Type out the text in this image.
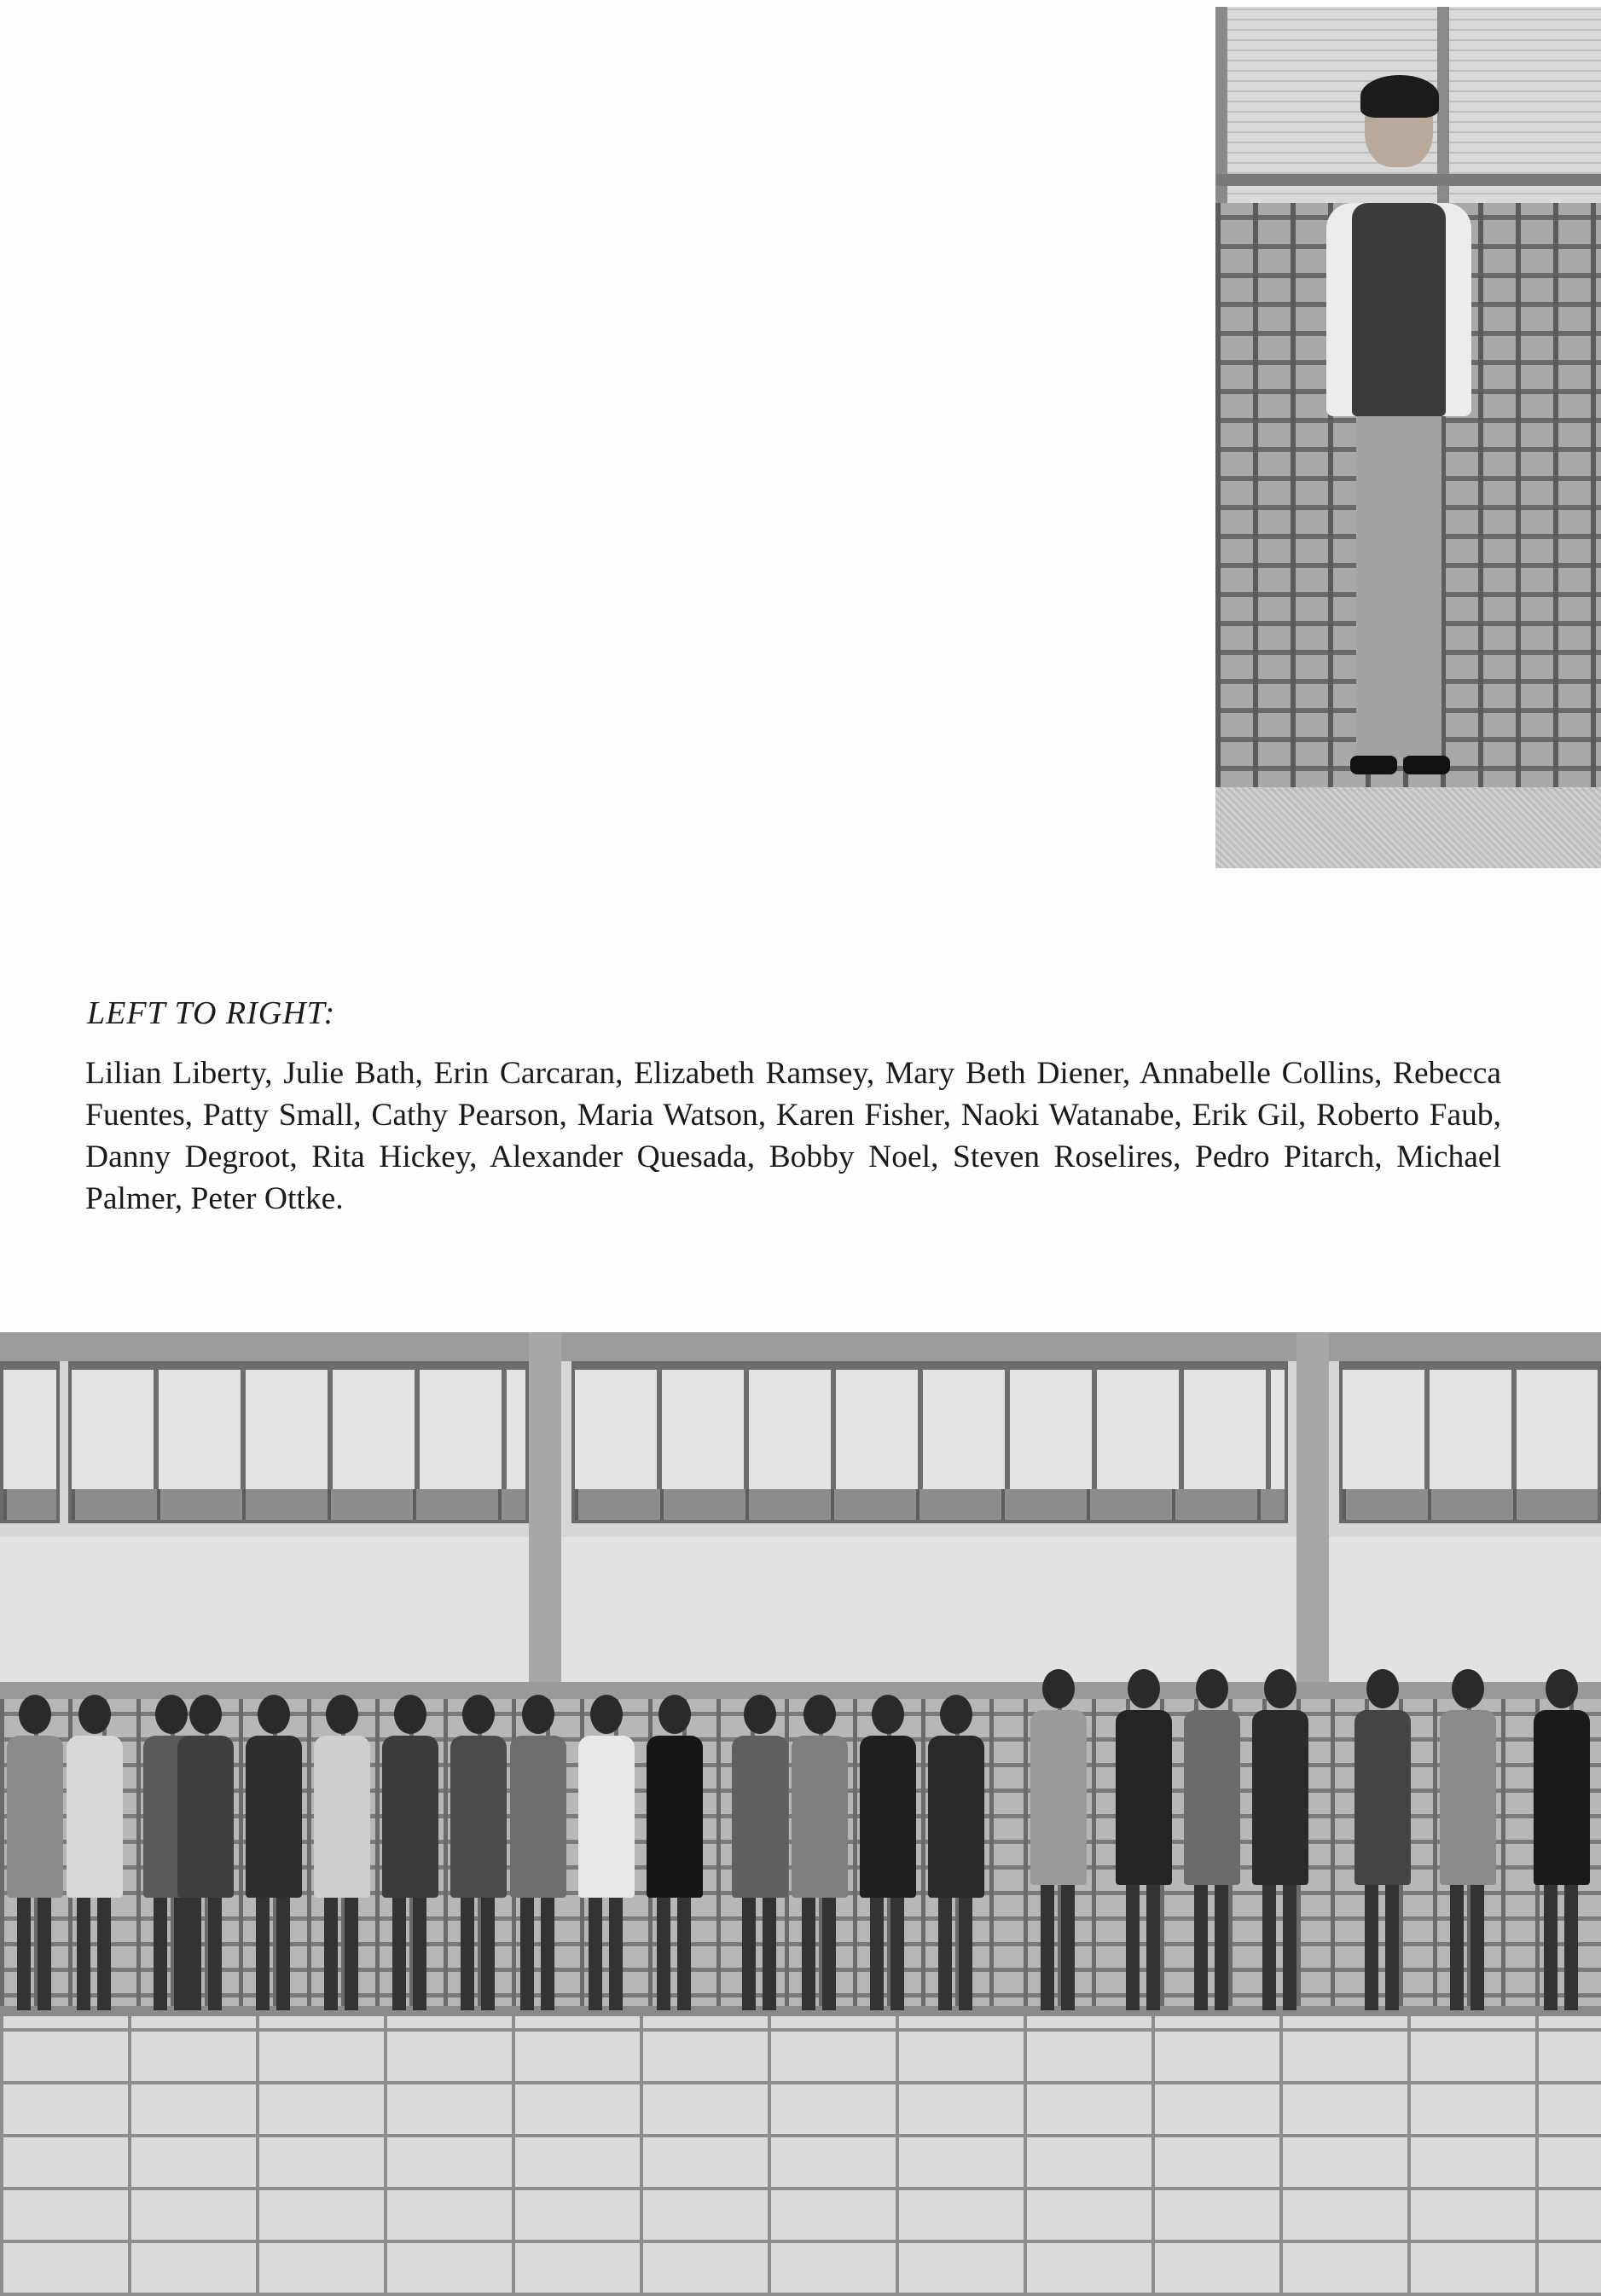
LEFT TO RIGHT:

Lilian Liberty, Julie Bath, Erin Carcaran, Elizabeth Ramsey, Mary Beth Diener, Annabelle Collins, Rebecca Fuentes, Patty Small, Cathy Pearson, Maria Watson, Karen Fisher, Naoki Watanabe, Erik Gil, Roberto Faub, Danny Degroot, Rita Hickey, Alexander Quesada, Bobby Noel, Steven Roselires, Pedro Pitarch, Michael Palmer, Peter Ottke.
